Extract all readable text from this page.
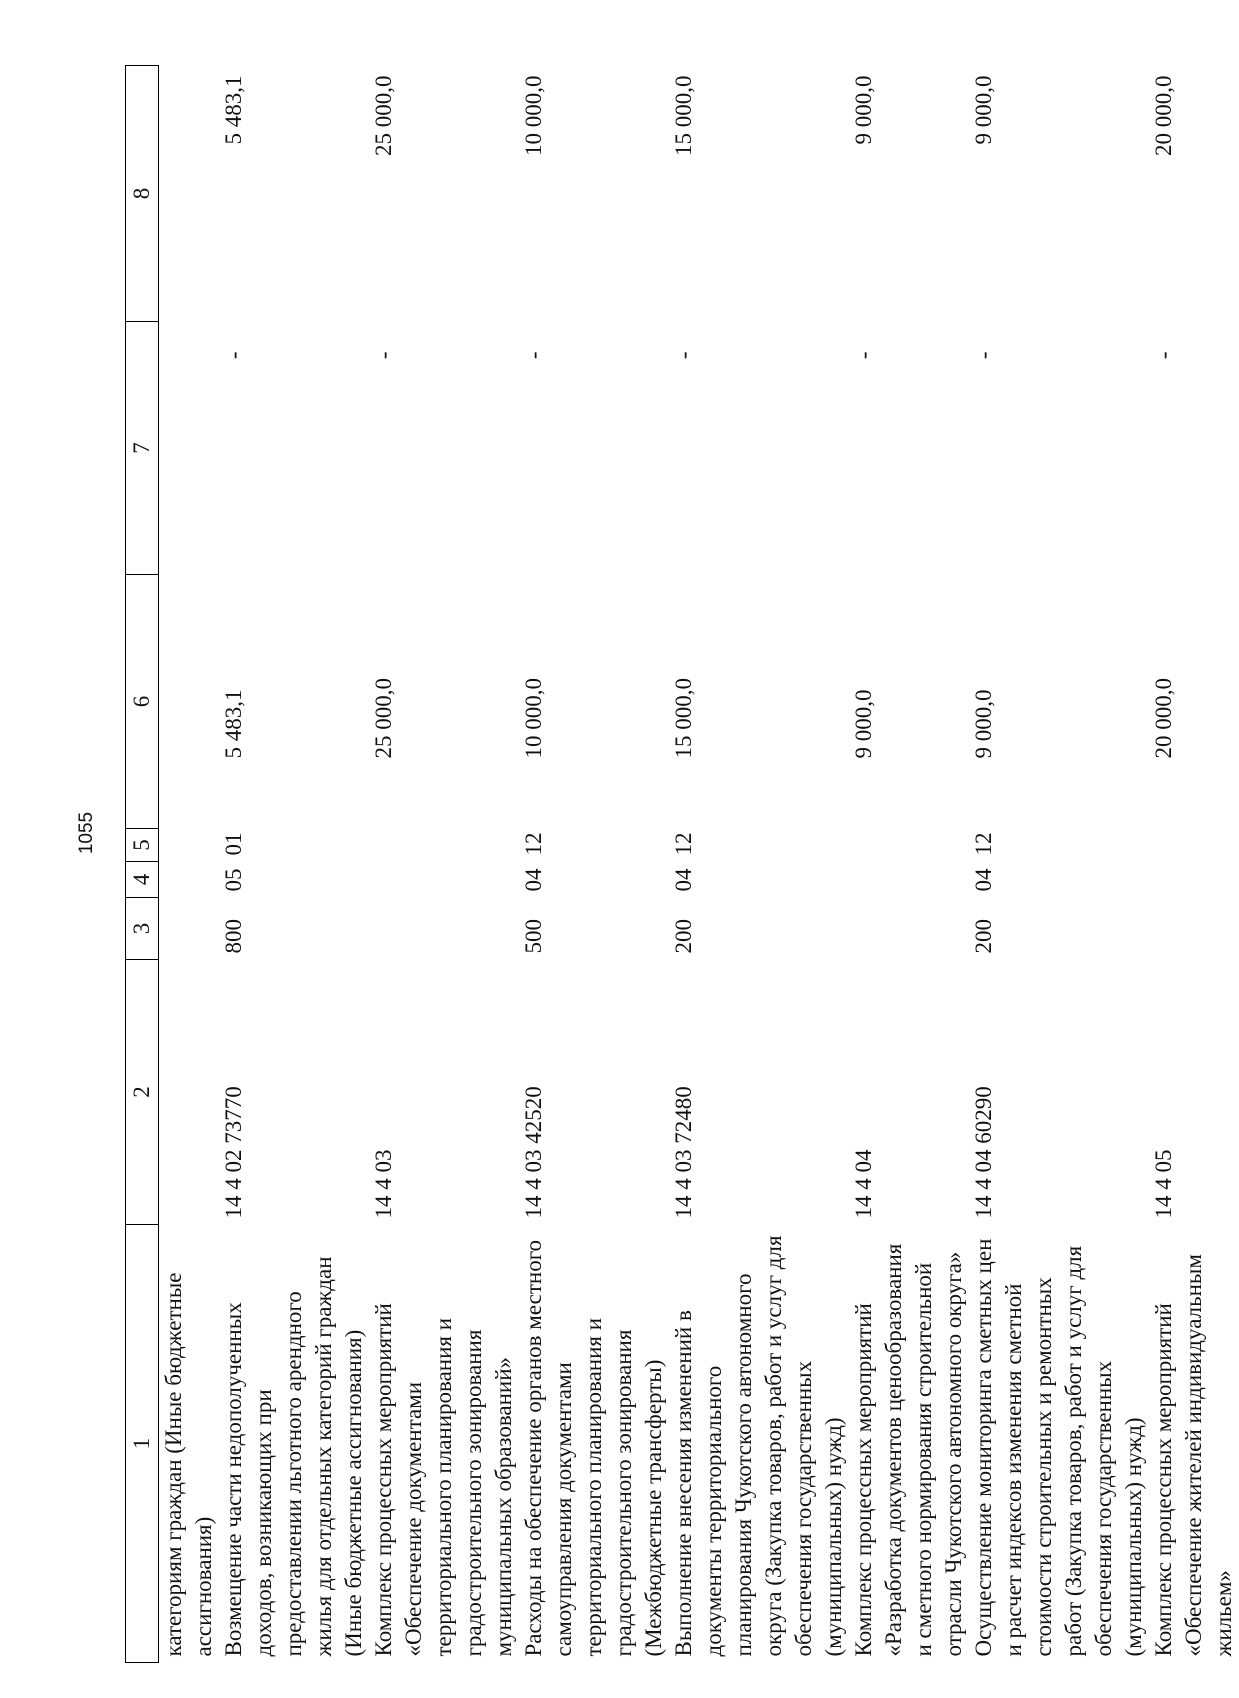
1055
1	2	3	4	5	6	7	8
категориям граждан (Иные бюджетные ассигнования)							
Возмещение части недополученных доходов, возникающих при предоставлении льготного арендного жилья для отдельных категорий граждан (Иные бюджетные ассигнования)	14 4 02 73770	800	05	01	5 483,1	-	5 483,1
Комплекс процессных мероприятий «Обеспечение документами территориального планирования и градостроительного зонирования муниципальных образований»	14 4 03				25 000,0	-	25 000,0
Расходы на обеспечение органов местного самоуправления документами территориального планирования и градостроительного зонирования (Межбюджетные трансферты)	14 4 03 42520	500	04	12	10 000,0	-	10 000,0
Выполнение внесения изменений в документы территориального планирования Чукотского автономного округа (Закупка товаров, работ и услуг для обеспечения государственных (муниципальных) нужд)	14 4 03 72480	200	04	12	15 000,0	-	15 000,0
Комплекс процессных мероприятий «Разработка документов ценообразования и сметного нормирования строительной отрасли Чукотского автономного округа»	14 4 04				9 000,0	-	9 000,0
Осуществление мониторинга сметных цен и расчет индексов изменения сметной стоимости строительных и ремонтных работ (Закупка товаров, работ и услуг для обеспечения государственных (муниципальных) нужд)	14 4 04 60290	200	04	12	9 000,0	-	9 000,0
Комплекс процессных мероприятий «Обеспечение жителей индивидуальным жильем»	14 4 05				20 000,0	-	20 000,0
